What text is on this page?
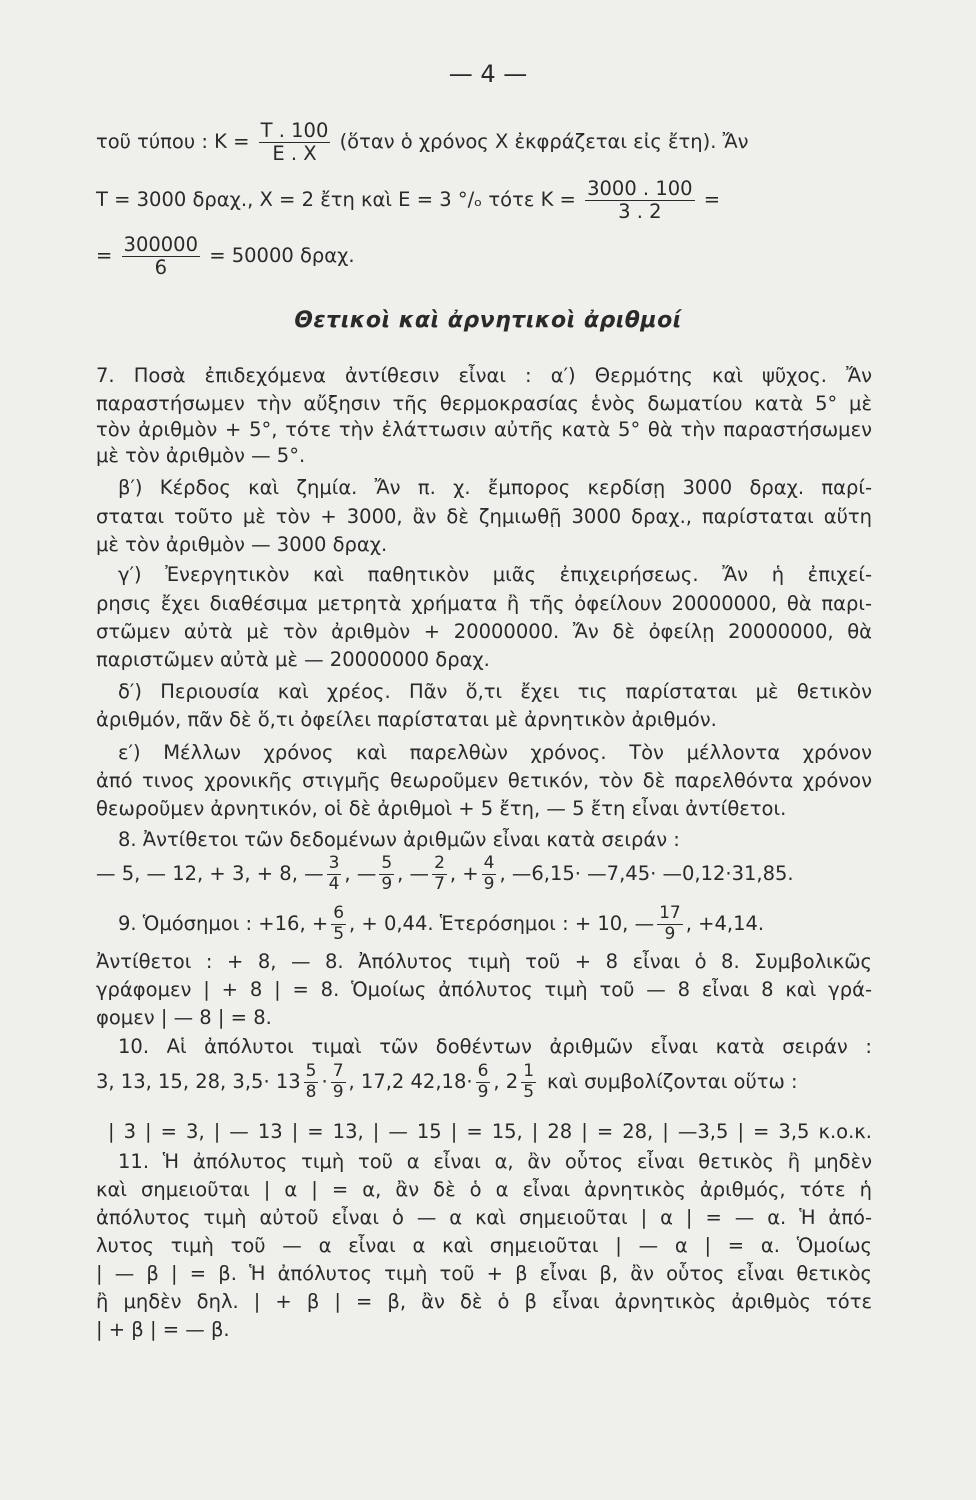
— 4 —
τοῦ τύπου : $K = \frac{T . 100}{E . X}$ (ὅταν ὁ χρόνος Χ ἐκφράζεται εἰς ἔτη). Ἄν
Τ = 3000 δραχ., Χ = 2 ἔτη καὶ Ε = 3 °/ₒ τότε $K = \frac{3000 . 100}{3 . 2}$ =
= $\frac{300000}{6} = 50000$ δραχ.
Θετικοὶ καὶ ἀρνητικοὶ ἀριθμοί
7. Ποσὰ ἐπιδεχόμενα ἀντίθεσιν εἶναι : α′) Θερμότης καὶ ψῦχος. Ἄν
παραστήσωμεν τὴν αὔξησιν τῆς θερμοκρασίας ἑνὸς δωματίου κατὰ 5° μὲ
τὸν ἀριθμὸν + 5°, τότε τὴν ἐλάττωσιν αὐτῆς κατὰ 5° θὰ τὴν παραστήσωμεν
μὲ τὸν ἀριθμὸν — 5°.
β′) Κέρδος καὶ ζημία. Ἄν π. χ. ἔμπορος κερδίσῃ 3000 δραχ. παρί-
σταται τοῦτο μὲ τὸν + 3000, ἂν δὲ ζημιωθῇ 3000 δραχ., παρίσταται αὕτη
μὲ τὸν ἀριθμὸν — 3000 δραχ.
γ′) Ἐνεργητικὸν καὶ παθητικὸν μιᾶς ἐπιχειρήσεως. Ἄν ἡ ἐπιχεί-
ρησις ἔχει διαθέσιμα μετρητὰ χρήματα ἢ τῆς ὀφείλουν 20000000, θὰ παρι-
στῶμεν αὐτὰ μὲ τὸν ἀριθμὸν + 20000000. Ἄν δὲ ὀφείλῃ 20000000, θὰ
παριστῶμεν αὐτὰ μὲ — 20000000 δραχ.
δ′) Περιουσία καὶ χρέος. Πᾶν ὅ,τι ἔχει τις παρίσταται μὲ θετικὸν
ἀριθμόν, πᾶν δὲ ὅ,τι ὀφείλει παρίσταται μὲ ἀρνητικὸν ἀριθμόν.
ε′) Μέλλων χρόνος καὶ παρελθὼν χρόνος. Τὸν μέλλοντα χρόνον
ἀπό τινος χρονικῆς στιγμῆς θεωροῦμεν θετικόν, τὸν δὲ παρελθόντα χρόνον
θεωροῦμεν ἀρνητικόν, οἱ δὲ ἀριθμοὶ + 5 ἔτη, — 5 ἔτη εἶναι ἀντίθετοι.
8. Ἀντίθετοι τῶν δεδομένων ἀριθμῶν εἶναι κατὰ σειράν :
— 5, — 12, + 3, + 8, — $\frac{3}{4}$ , — $\frac{5}{9}$ , — $\frac{2}{7}$ , + $\frac{4}{9}$ , —6,15· —7,45· —0,12·31,85.
9. Ὁμόσημοι : +16, + $\frac{6}{5}$ , + 0,44. Ἑτερόσημοι : + 10, — $\frac{17}{9}$ , +4,14.
Ἀντίθετοι : + 8, — 8. Ἀπόλυτος τιμὴ τοῦ + 8 εἶναι ὁ 8. Συμβολικῶς
γράφομεν | + 8 | = 8. Ὁμοίως ἀπόλυτος τιμὴ τοῦ — 8 εἶναι 8 καὶ γρά-
φομεν | — 8 | = 8.
10. Αἱ ἀπόλυτοι τιμαὶ τῶν δοθέντων ἀριθμῶν εἶναι κατὰ σειράν :
3, 13, 15, 28, $3,5\cdot 13 \frac{5}{8} \cdot \frac{7}{9}$ , 17,2 $42,18\cdot \frac{6}{9}$ , $2 \frac{1}{5}$ καὶ συμβολίζονται οὕτω :
| 3 | = 3, | — 13 | = 13, | — 15 | = 15, | 28 | = 28, | —3,5 | = 3,5 κ.ο.κ.
11. Ἡ ἀπόλυτος τιμὴ τοῦ α εἶναι α, ἂν οὗτος εἶναι θετικὸς ἢ μηδὲν
καὶ σημειοῦται | α | = α, ἂν δὲ ὁ α εἶναι ἀρνητικὸς ἀριθμός, τότε ἡ
ἀπόλυτος τιμὴ αὐτοῦ εἶναι ὁ — α καὶ σημειοῦται | α | = — α. Ἡ ἀπό-
λυτος τιμὴ τοῦ — α εἶναι α καὶ σημειοῦται | — α | = α. Ὁμοίως
| — β | = β. Ἡ ἀπόλυτος τιμὴ τοῦ + β εἶναι β, ἂν οὗτος εἶναι θετικὸς
ἢ μηδὲν δηλ. | + β | = β, ἂν δὲ ὁ β εἶναι ἀρνητικὸς ἀριθμὸς τότε
| + β | = — β.
